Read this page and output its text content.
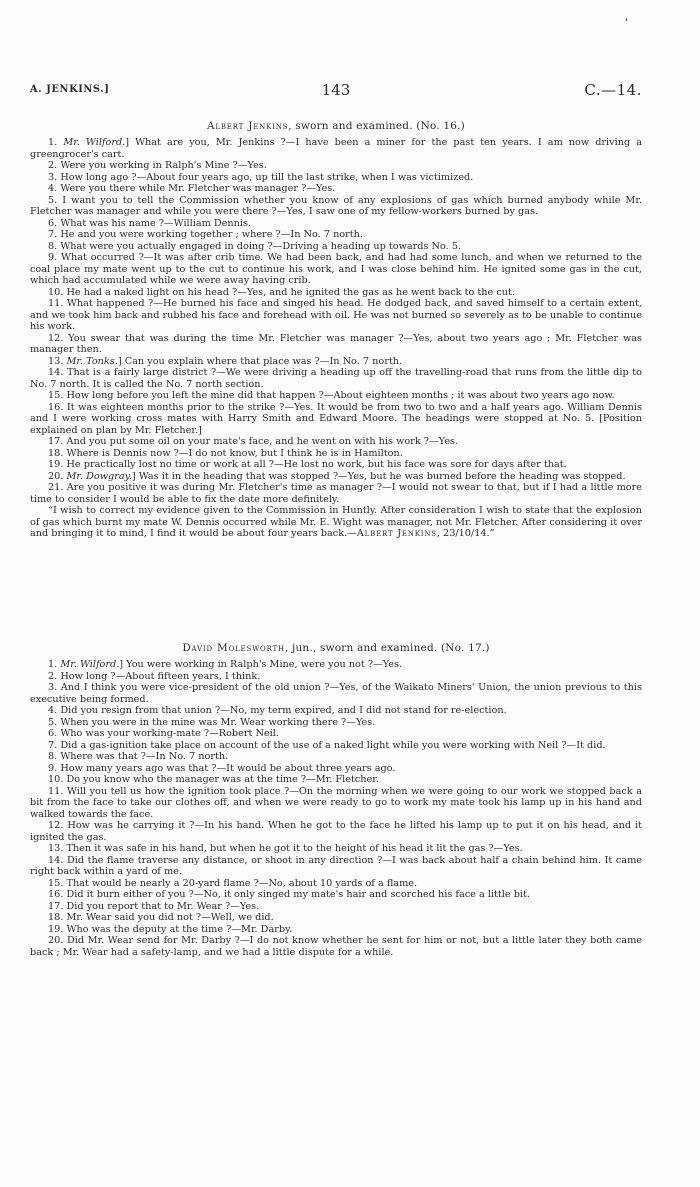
A. JENKINS.]	143	C.—14.
Albert Jenkins, sworn and examined. (No. 16.)
1. Mr. Wilford.] What are you, Mr. Jenkins ?—I have been a miner for the past ten years. I am now driving a greengrocer's cart.
2. Were you working in Ralph's Mine ?—Yes.
3. How long ago ?—About four years ago, up till the last strike, when I was victimized.
4. Were you there while Mr. Fletcher was manager ?—Yes.
5. I want you to tell the Commission whether you know of any explosions of gas which burned anybody while Mr. Fletcher was manager and while you were there ?—Yes, I saw one of my fellow-workers burned by gas.
6. What was his name ?—William Dennis.
7. He and you were working together ; where ?—In No. 7 north.
8. What were you actually engaged in doing ?—Driving a heading up towards No. 5.
9. What occurred ?—It was after crib time. We had been back, and had had some lunch, and when we returned to the coal place my mate went up to the cut to continue his work, and I was close behind him. He ignited some gas in the cut, which had accumulated while we were away having crib.
10. He had a naked light on his head ?—Yes, and he ignited the gas as he went back to the cut.
11. What happened ?—He burned his face and singed his head. He dodged back, and saved himself to a certain extent, and we took him back and rubbed his face and forehead with oil. He was not burned so severely as to be unable to continue his work.
12. You swear that was during the time Mr. Fletcher was manager ?—Yes, about two years ago ; Mr. Fletcher was manager then.
13. Mr. Tonks.] Can you explain where that place was ?—In No. 7 north.
14. That is a fairly large district ?—We were driving a heading up off the travelling-road that runs from the little dip to No. 7 north. It is called the No. 7 north section.
15. How long before you left the mine did that happen ?—About eighteen months ; it was about two years ago now.
16. It was eighteen months prior to the strike ?—Yes. It would be from two to two and a half years ago. William Dennis and I were working cross mates with Harry Smith and Edward Moore. The headings were stopped at No. 5. [Position explained on plan by Mr. Fletcher.]
17. And you put some oil on your mate's face, and he went on with his work ?—Yes.
18. Where is Dennis now ?—I do not know, but I think he is in Hamilton.
19. He practically lost no time or work at all ?—He lost no work, but his face was sore for days after that.
20. Mr. Dowgray.] Was it in the heading that was stopped ?—Yes, but he was burned before the heading was stopped.
21. Are you positive it was during Mr. Fletcher's time as manager ?—I would not swear to that, but if I had a little more time to consider I would be able to fix the date more definitely.
“I wish to correct my evidence given to the Commission in Huntly. After consideration I wish to state that the explosion of gas which burnt my mate W. Dennis occurred while Mr. E. Wight was manager, not Mr. Fletcher. After considering it over and bringing it to mind, I find it would be about four years back.—Albert Jenkins, 23/10/14.”
David Molesworth, jun., sworn and examined. (No. 17.)
1. Mr. Wilford.] You were working in Ralph's Mine, were you not ?—Yes.
2. How long ?—About fifteen years, I think.
3. And I think you were vice-president of the old union ?—Yes, of the Waikato Miners' Union, the union previous to this executive being formed.
4. Did you resign from that union ?—No, my term expired, and I did not stand for re-election.
5. When you were in the mine was Mr. Wear working there ?—Yes.
6. Who was your working-mate ?—Robert Neil.
7. Did a gas-ignition take place on account of the use of a naked light while you were working with Neil ?—It did.
8. Where was that ?—In No. 7 north.
9. How many years ago was that ?—It would be about three years ago.
10. Do you know who the manager was at the time ?—Mr. Fletcher.
11. Will you tell us how the ignition took place ?—On the morning when we were going to our work we stopped back a bit from the face to take our clothes off, and when we were ready to go to work my mate took his lamp up in his hand and walked towards the face.
12. How was he carrying it ?—In his hand. When he got to the face he lifted his lamp up to put it on his head, and it ignited the gas.
13. Then it was safe in his hand, but when he got it to the height of his head it lit the gas ?—Yes.
14. Did the flame traverse any distance, or shoot in any direction ?—I was back about half a chain behind him. It came right back within a yard of me.
15. That would be nearly a 20-yard flame ?—No, about 10 yards of a flame.
16. Did it burn either of you ?—No, it only singed my mate's hair and scorched his face a little bit.
17. Did you report that to Mr. Wear ?—Yes.
18. Mr. Wear said you did not ?—Well, we did.
19. Who was the deputy at the time ?—Mr. Darby.
20. Did Mr. Wear send for Mr. Darby ?—I do not know whether he sent for him or not, but a little later they both came back ; Mr. Wear had a safety-lamp, and we had a little dispute for a while.
